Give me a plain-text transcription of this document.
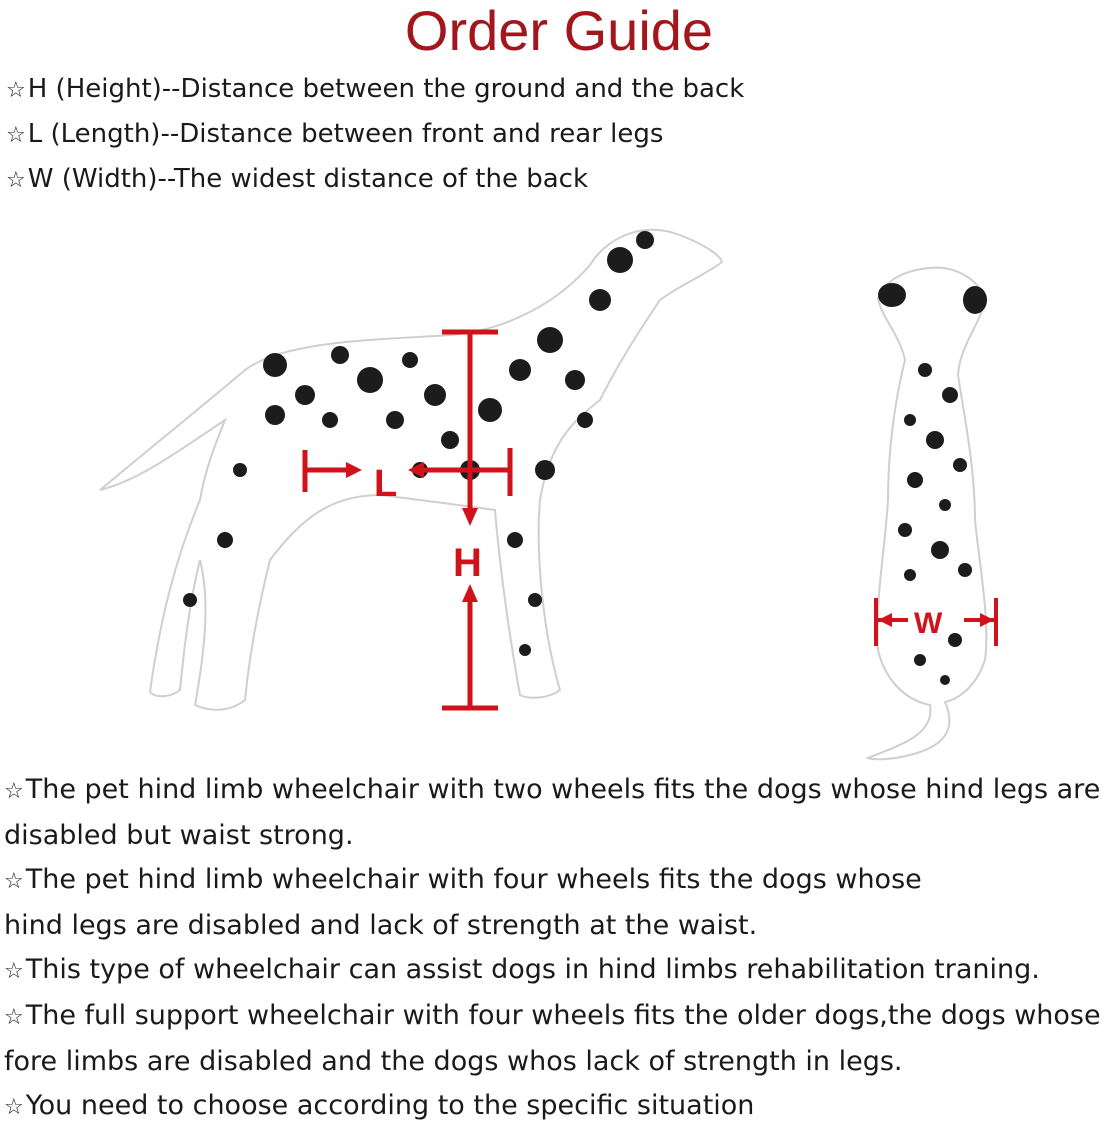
Order Guide
☆H (Height)--Distance between the ground and the back
☆L (Length)--Distance between front and rear legs
☆W (Width)--The widest distance of the back
L
H
W

☆The pet hind limb wheelchair with two wheels fits the dogs whose hind legs are

disabled but waist strong.

☆The pet hind limb wheelchair with four wheels fits the dogs whose

hind legs are disabled and lack of strength at the waist.

☆This type of wheelchair can assist dogs in hind limbs rehabilitation traning.

☆The full support wheelchair with four wheels fits the older dogs,the dogs whose

fore limbs are disabled and the dogs whos lack of strength in legs.

☆You need to choose according to the specific situation
